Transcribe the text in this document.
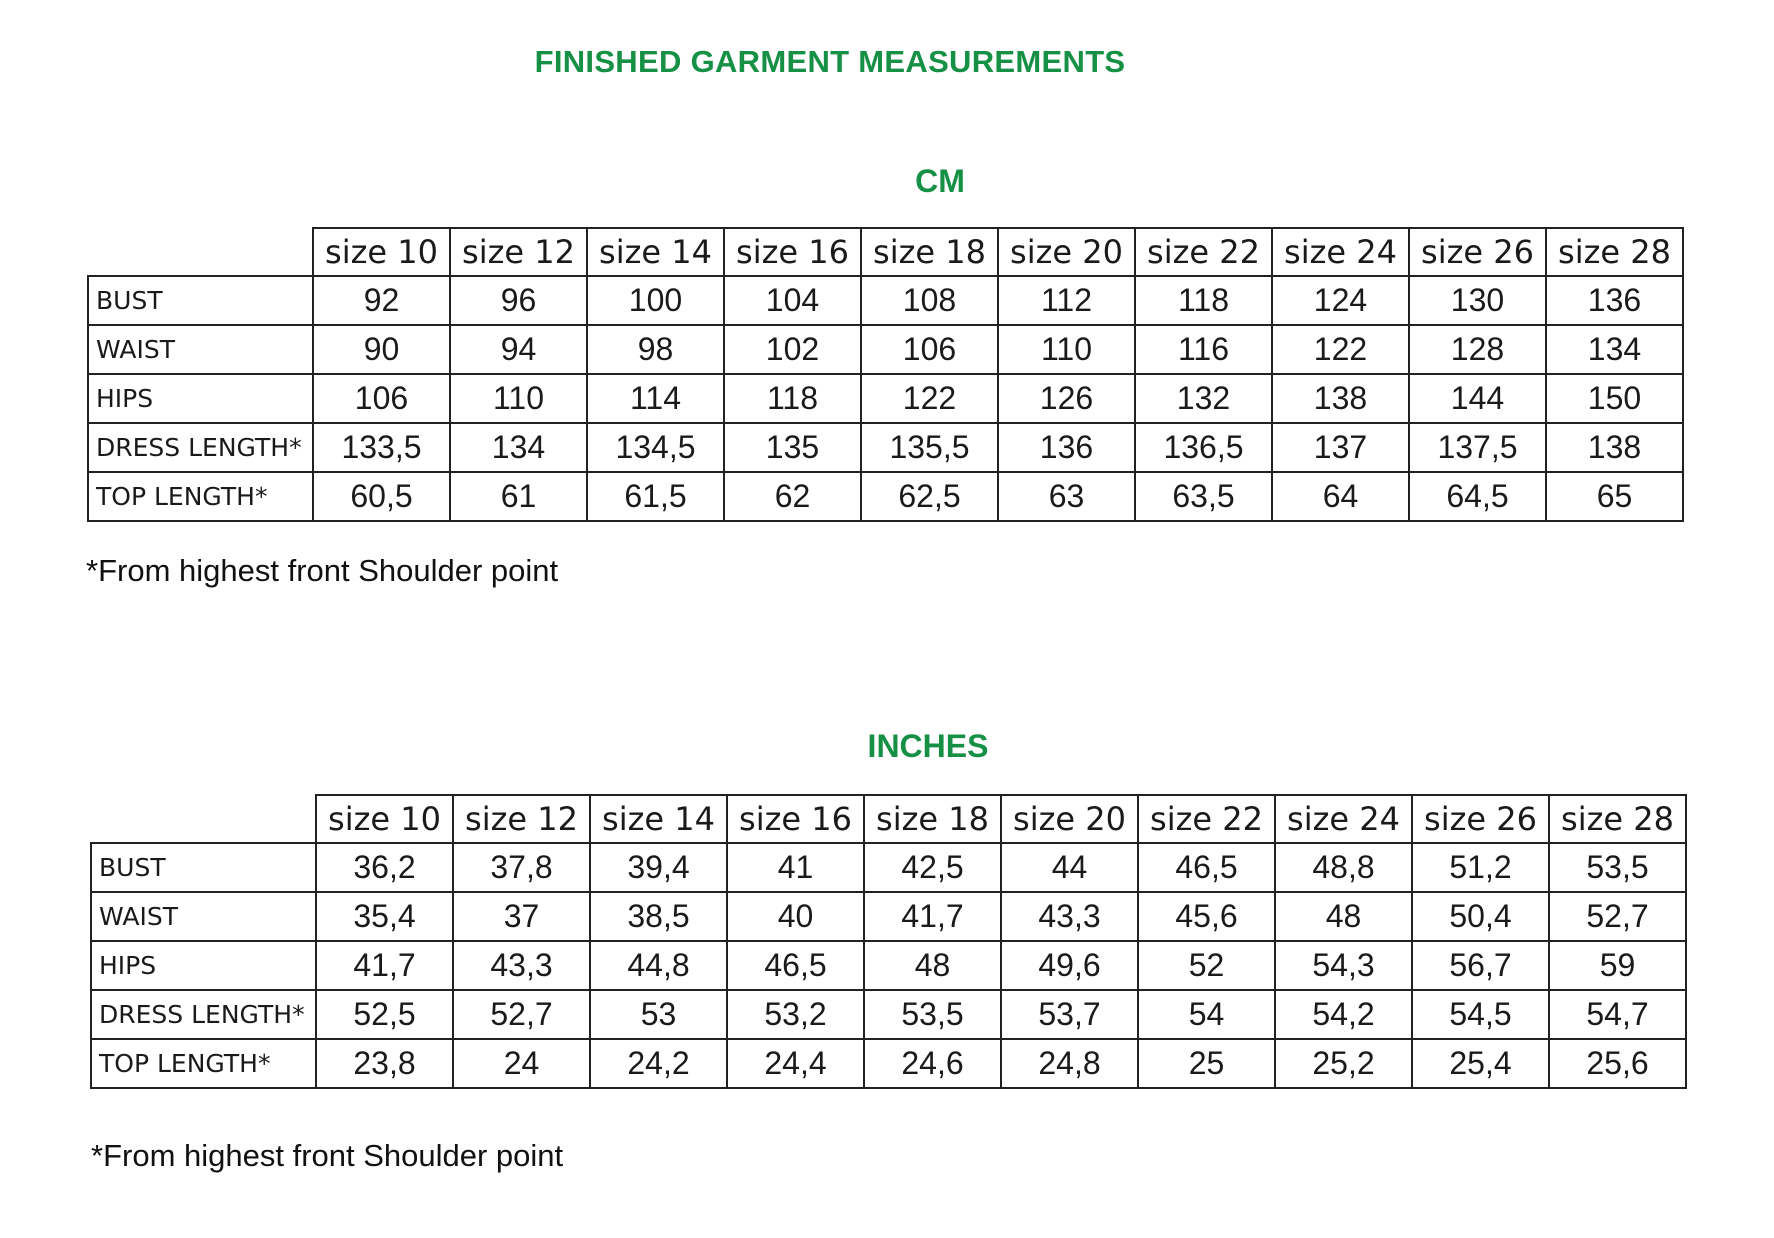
FINISHED GARMENT MEASUREMENTS
CM
	size 10	size 12	size 14	size 16	size 18	size 20	size 22	size 24	size 26	size 28
BUST	92	96	100	104	108	112	118	124	130	136
WAIST	90	94	98	102	106	110	116	122	128	134
HIPS	106	110	114	118	122	126	132	138	144	150
DRESS LENGTH*	133,5	134	134,5	135	135,5	136	136,5	137	137,5	138
TOP LENGTH*	60,5	61	61,5	62	62,5	63	63,5	64	64,5	65
*From highest front Shoulder point
INCHES
	size 10	size 12	size 14	size 16	size 18	size 20	size 22	size 24	size 26	size 28
BUST	36,2	37,8	39,4	41	42,5	44	46,5	48,8	51,2	53,5
WAIST	35,4	37	38,5	40	41,7	43,3	45,6	48	50,4	52,7
HIPS	41,7	43,3	44,8	46,5	48	49,6	52	54,3	56,7	59
DRESS LENGTH*	52,5	52,7	53	53,2	53,5	53,7	54	54,2	54,5	54,7
TOP LENGTH*	23,8	24	24,2	24,4	24,6	24,8	25	25,2	25,4	25,6
*From highest front Shoulder point
